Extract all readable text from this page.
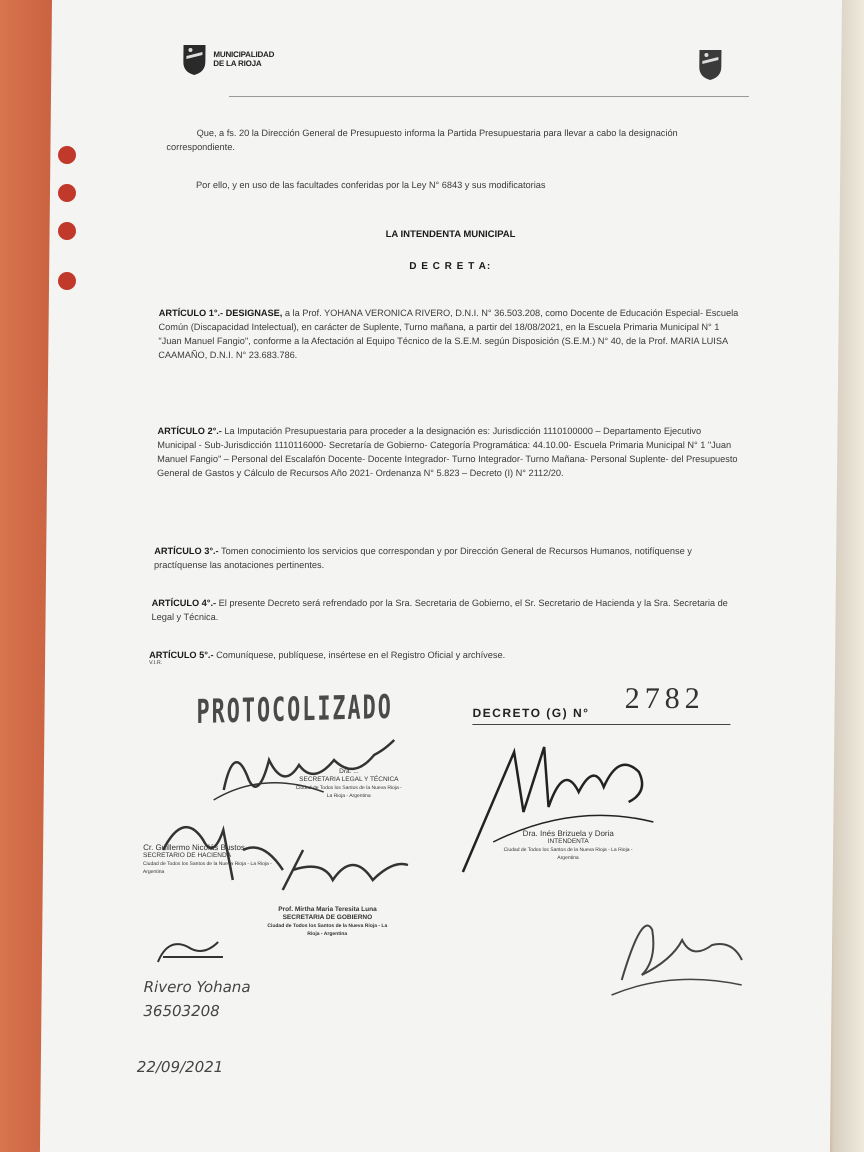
MUNICIPALIDAD
DE LA RIOJA

Que, a fs. 20 la Dirección General de Presupuesto informa la Partida Presupuestaria para llevar a cabo la designación correspondiente.

Por ello, y en uso de las facultades conferidas por la Ley N° 6843 y sus modificatorias

LA INTENDENTA MUNICIPAL

D E C R E T A:

ARTÍCULO 1°.- DESIGNASE, a la Prof. YOHANA VERONICA RIVERO, D.N.I. N° 36.503.208, como Docente de Educación Especial- Escuela Común (Discapacidad Intelectual), en carácter de Suplente, Turno mañana, a partir del 18/08/2021, en la Escuela Primaria Municipal N° 1 "Juan Manuel Fangio", conforme a la Afectación al Equipo Técnico de la S.E.M. según Disposición (S.E.M.) N° 40, de la Prof. MARIA LUISA CAAMAÑO, D.N.I. N° 23.683.786.

ARTÍCULO 2°.- La Imputación Presupuestaria para proceder a la designación es: Jurisdicción 1110100000 – Departamento Ejecutivo Municipal - Sub-Jurisdicción 1110116000- Secretaría de Gobierno- Categoría Programática: 44.10.00- Escuela Primaria Municipal N° 1 "Juan Manuel Fangio" – Personal del Escalafón Docente- Docente Integrador- Turno Integrador- Turno Mañana- Personal Suplente- del Presupuesto General de Gastos y Cálculo de Recursos Año 2021- Ordenanza N° 5.823 – Decreto (I) N° 2112/20.

ARTÍCULO 3°.- Tomen conocimiento los servicios que correspondan y por Dirección General de Recursos Humanos, notifíquense y practíquense las anotaciones pertinentes.

ARTÍCULO 4°.- El presente Decreto será refrendado por la Sra. Secretaria de Gobierno, el Sr. Secretario de Hacienda y la Sra. Secretaria de Legal y Técnica.

ARTÍCULO 5°.- Comuníquese, publíquese, insértese en el Registro Oficial y archívese.

V.I.R.

PROTOCOLIZADO	DECRETO (G) N° 2782
Dra. ...
SECRETARIA LEGAL Y TÉCNICA
Ciudad de Todos los Santos de la Nueva Rioja - La Rioja - Argentina
Cr. Guillermo Nicolás Bustos
SECRETARIO DE HACIENDA
Ciudad de Todos los Santos de la Nueva Rioja - La Rioja - Argentina
Prof. Mirtha Maria Teresita Luna
SECRETARIA DE GOBIERNO
Ciudad de Todos los Santos de la Nueva Rioja - La Rioja - Argentina
Dra. Inés Brizuela y Doria
INTENDENTA
Ciudad de Todos los Santos de la Nueva Rioja - La Rioja - Argentina
Rivero Yohana
36503208
22/09/2021
